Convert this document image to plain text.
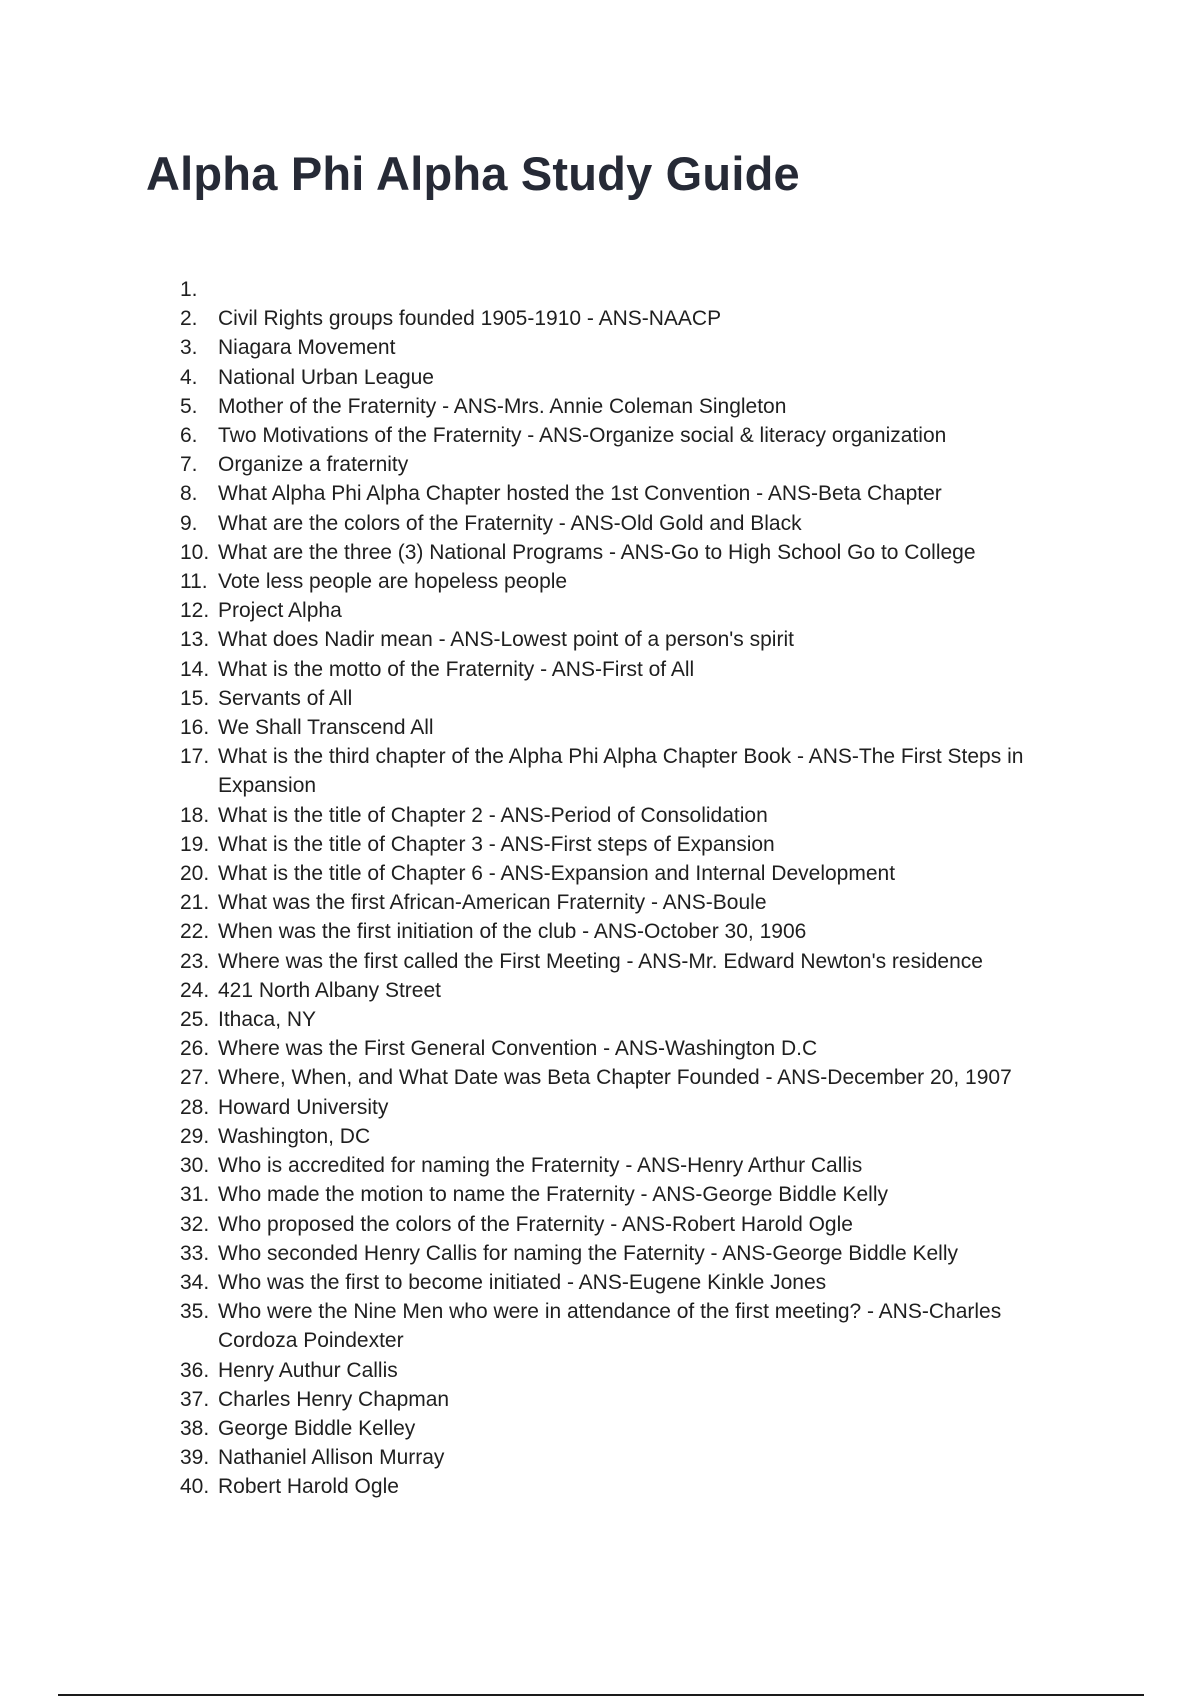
Alpha Phi Alpha Study Guide
1.
2. Civil Rights groups founded 1905-1910 - ANS-NAACP
3. Niagara Movement
4. National Urban League
5. Mother of the Fraternity - ANS-Mrs. Annie Coleman Singleton
6. Two Motivations of the Fraternity - ANS-Organize social & literacy organization
7. Organize a fraternity
8. What Alpha Phi Alpha Chapter hosted the 1st Convention - ANS-Beta Chapter
9. What are the colors of the Fraternity - ANS-Old Gold and Black
10. What are the three (3) National Programs - ANS-Go to High School Go to College
11. Vote less people are hopeless people
12. Project Alpha
13. What does Nadir mean - ANS-Lowest point of a person's spirit
14. What is the motto of the Fraternity - ANS-First of All
15. Servants of All
16. We Shall Transcend All
17. What is the third chapter of the Alpha Phi Alpha Chapter Book - ANS-The First Steps in Expansion
18. What is the title of Chapter 2 - ANS-Period of Consolidation
19. What is the title of Chapter 3 - ANS-First steps of Expansion
20. What is the title of Chapter 6 - ANS-Expansion and Internal Development
21. What was the first African-American Fraternity - ANS-Boule
22. When was the first initiation of the club - ANS-October 30, 1906
23. Where was the first called the First Meeting - ANS-Mr. Edward Newton's residence
24. 421 North Albany Street
25. Ithaca, NY
26. Where was the First General Convention - ANS-Washington D.C
27. Where, When, and What Date was Beta Chapter Founded - ANS-December 20, 1907
28. Howard University
29. Washington, DC
30. Who is accredited for naming the Fraternity - ANS-Henry Arthur Callis
31. Who made the motion to name the Fraternity - ANS-George Biddle Kelly
32. Who proposed the colors of the Fraternity - ANS-Robert Harold Ogle
33. Who seconded Henry Callis for naming the Faternity - ANS-George Biddle Kelly
34. Who was the first to become initiated - ANS-Eugene Kinkle Jones
35. Who were the Nine Men who were in attendance of the first meeting? - ANS-Charles Cordoza Poindexter
36. Henry Authur Callis
37. Charles Henry Chapman
38. George Biddle Kelley
39. Nathaniel Allison Murray
40. Robert Harold Ogle
